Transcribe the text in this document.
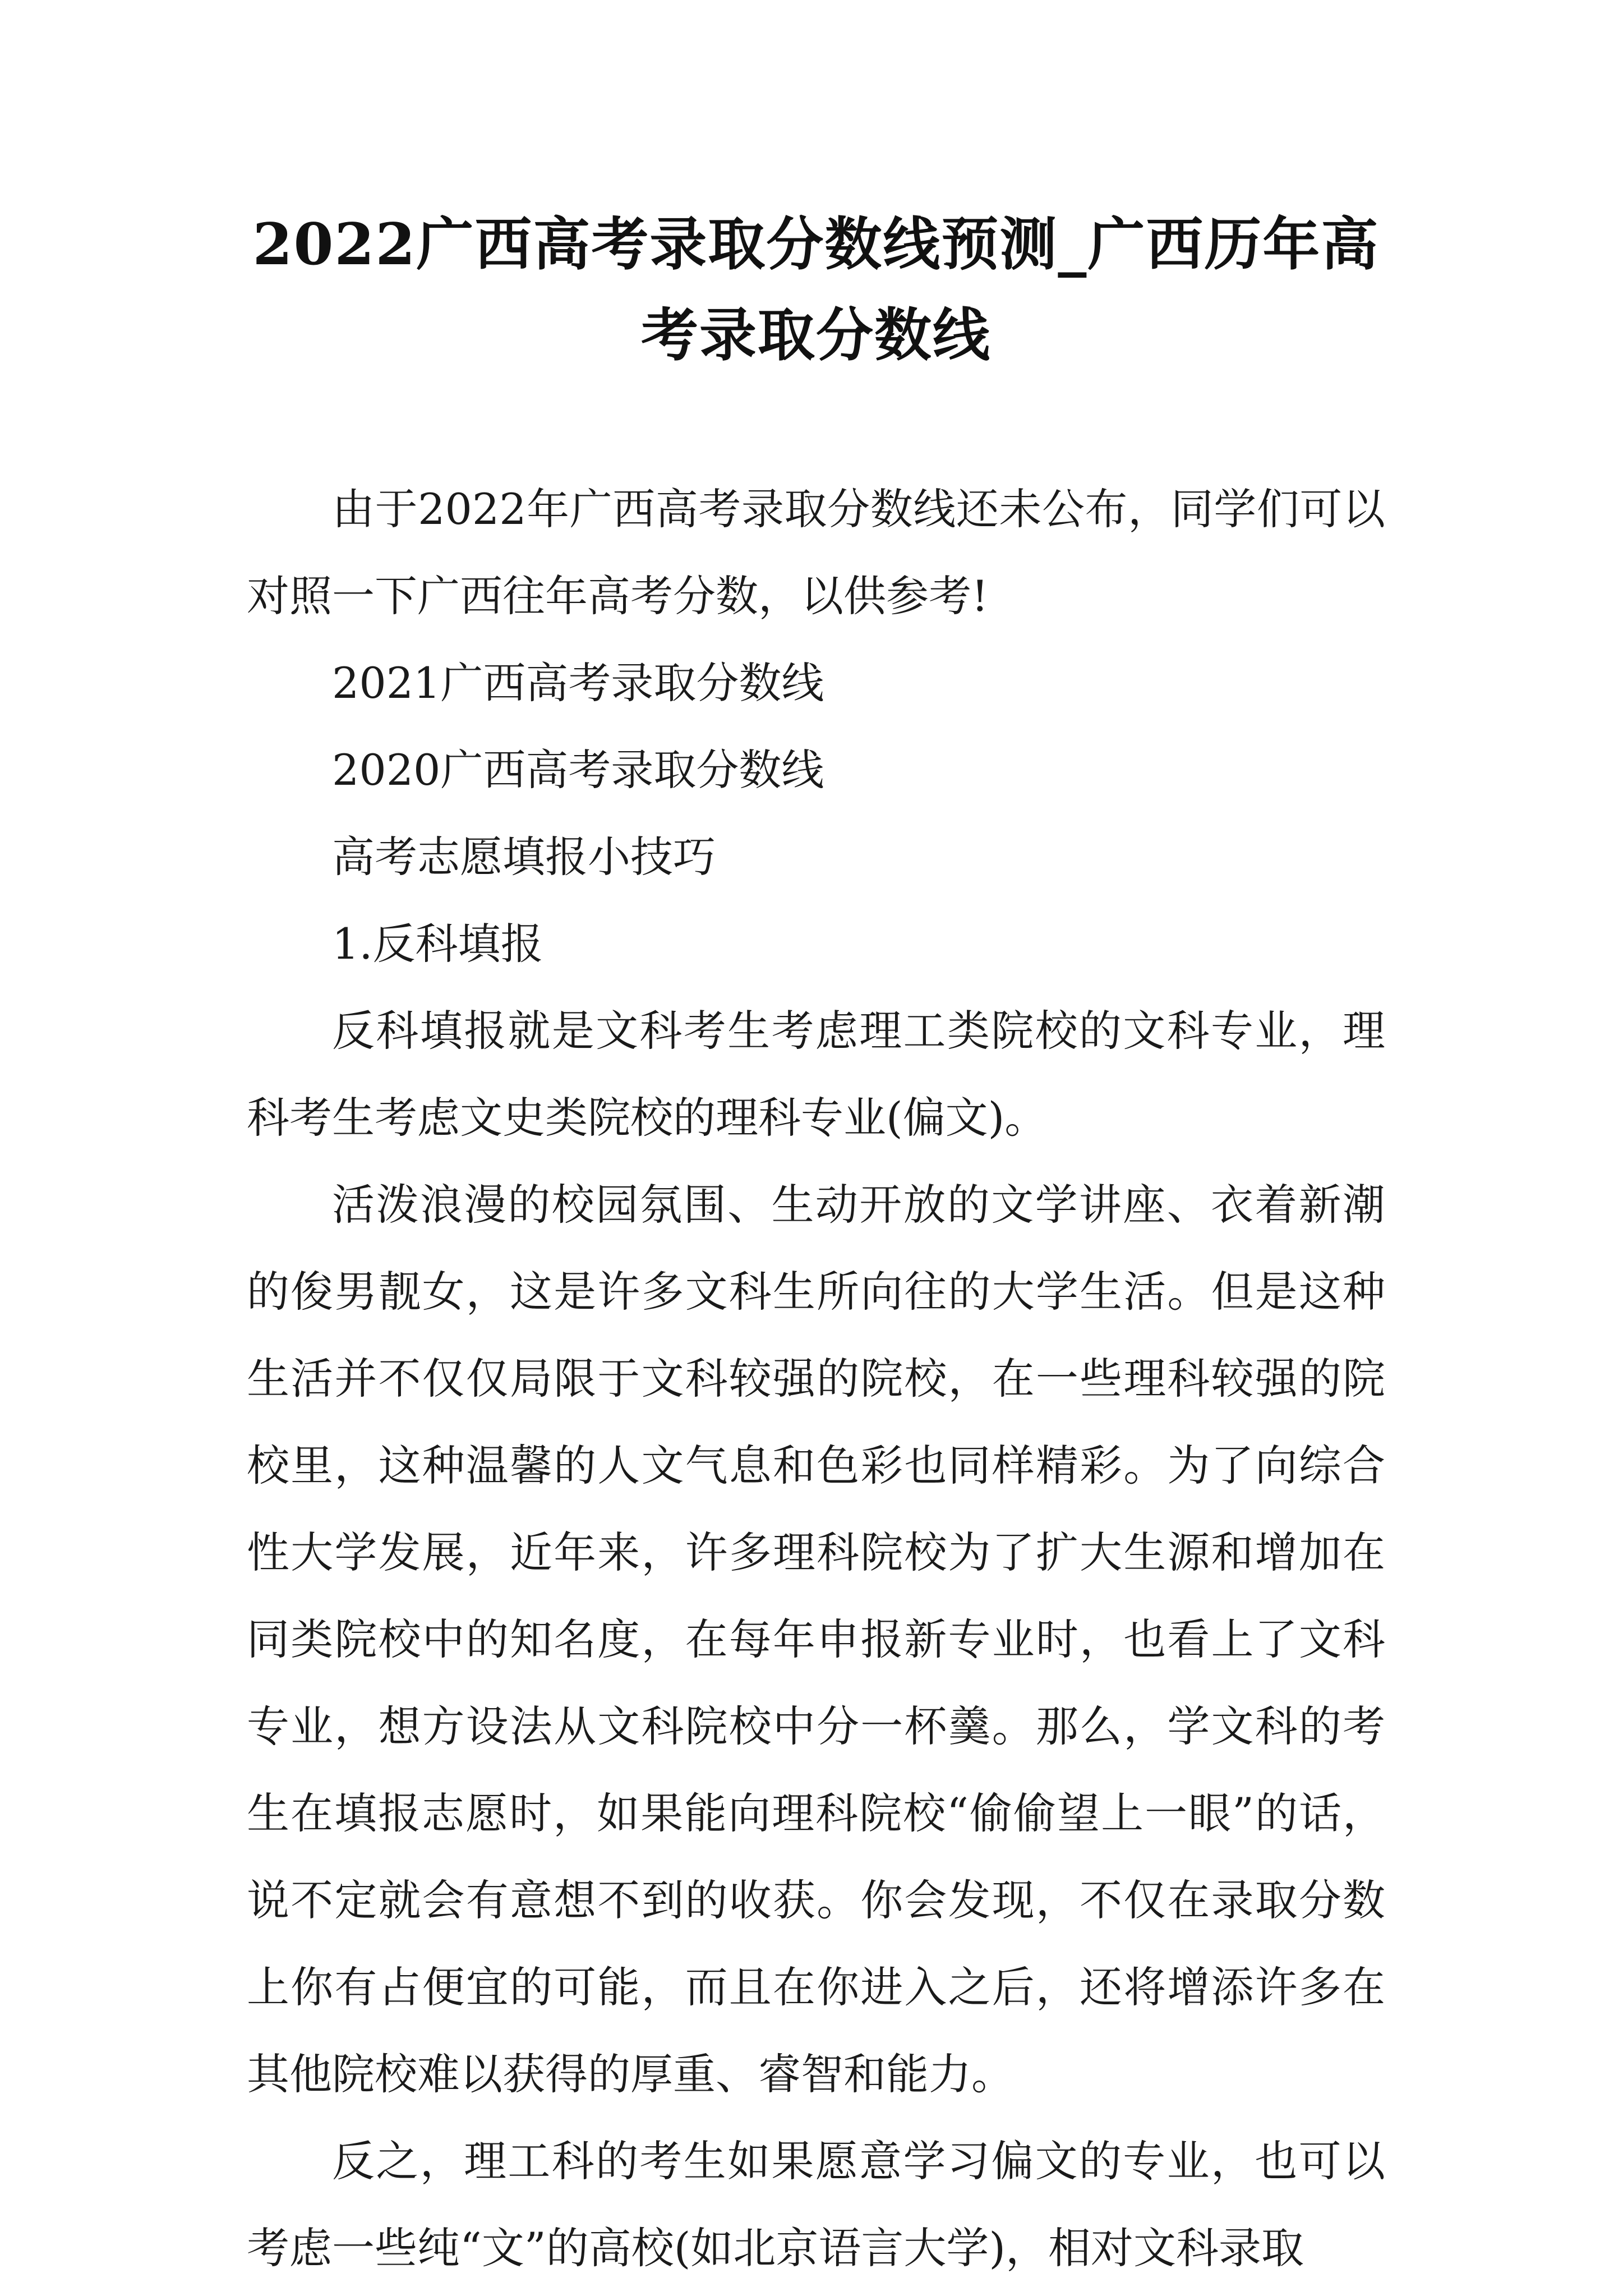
2022广西高考录取分数线预测_广西历年高考录取分数线

由于2022年广西高考录取分数线还未公布，同学们可以对照一下广西往年高考分数，以供参考!

2021广西高考录取分数线

2020广西高考录取分数线

高考志愿填报小技巧

1.反科填报

反科填报就是文科考生考虑理工类院校的文科专业，理科考生考虑文史类院校的理科专业(偏文)。

活泼浪漫的校园氛围、生动开放的文学讲座、衣着新潮的俊男靓女，这是许多文科生所向往的大学生活。但是这种生活并不仅仅局限于文科较强的院校，在一些理科较强的院校里，这种温馨的人文气息和色彩也同样精彩。为了向综合性大学发展，近年来，许多理科院校为了扩大生源和增加在同类院校中的知名度，在每年申报新专业时，也看上了文科专业，想方设法从文科院校中分一杯羹。那么，学文科的考生在填报志愿时，如果能向理科院校“偷偷望上一眼”的话，说不定就会有意想不到的收获。你会发现，不仅在录取分数上你有占便宜的可能，而且在你进入之后，还将增添许多在其他院校难以获得的厚重、睿智和能力。

反之，理工科的考生如果愿意学习偏文的专业，也可以考虑一些纯“文”的高校(如北京语言大学)，相对文科录取
